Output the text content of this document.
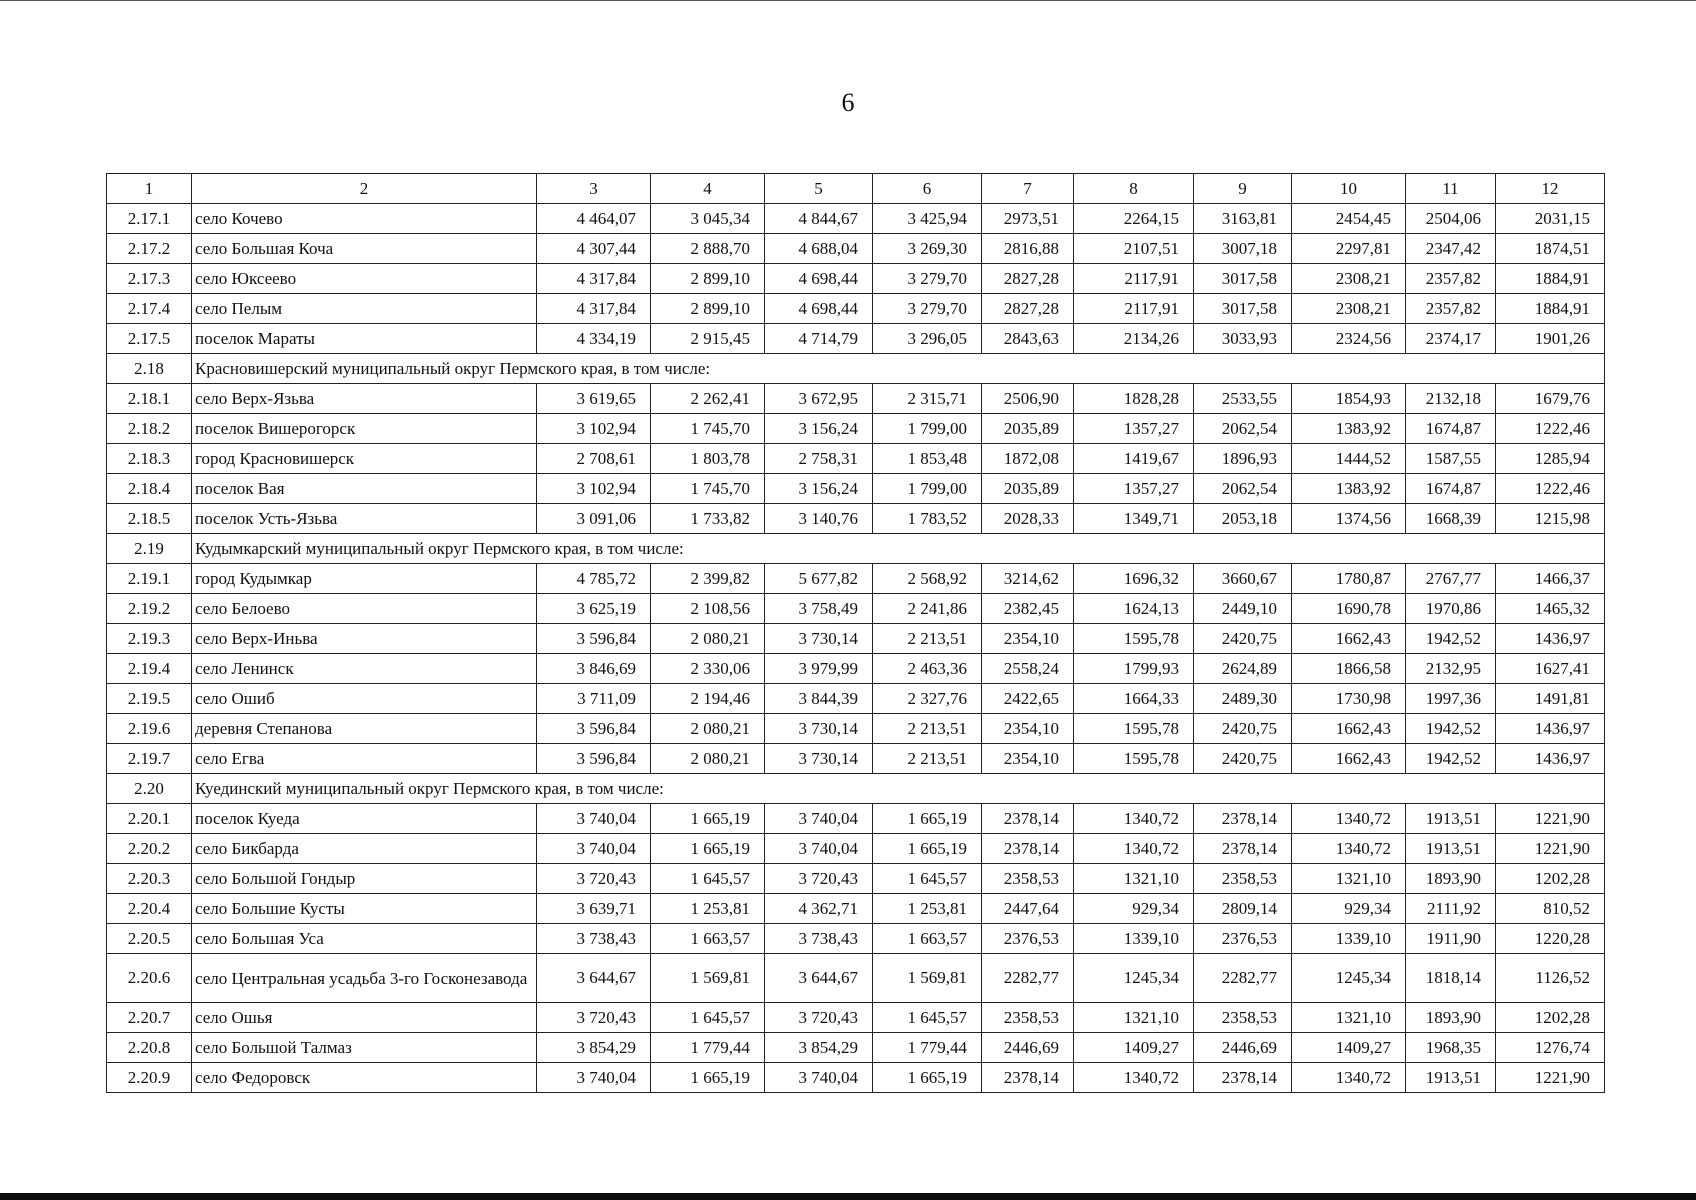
6
1	2	3	4	5	6	7	8	9	10	11	12
2.17.1	село Кочево	4 464,07	3 045,34	4 844,67	3 425,94	2973,51	2264,15	3163,81	2454,45	2504,06	2031,15
2.17.2	село Большая Коча	4 307,44	2 888,70	4 688,04	3 269,30	2816,88	2107,51	3007,18	2297,81	2347,42	1874,51
2.17.3	село Юксеево	4 317,84	2 899,10	4 698,44	3 279,70	2827,28	2117,91	3017,58	2308,21	2357,82	1884,91
2.17.4	село Пелым	4 317,84	2 899,10	4 698,44	3 279,70	2827,28	2117,91	3017,58	2308,21	2357,82	1884,91
2.17.5	поселок Мараты	4 334,19	2 915,45	4 714,79	3 296,05	2843,63	2134,26	3033,93	2324,56	2374,17	1901,26
2.18	Красновишерский муниципальный округ Пермского края, в том числе:										
2.18.1	село Верх-Язьва	3 619,65	2 262,41	3 672,95	2 315,71	2506,90	1828,28	2533,55	1854,93	2132,18	1679,76
2.18.2	поселок Вишерогорск	3 102,94	1 745,70	3 156,24	1 799,00	2035,89	1357,27	2062,54	1383,92	1674,87	1222,46
2.18.3	город Красновишерск	2 708,61	1 803,78	2 758,31	1 853,48	1872,08	1419,67	1896,93	1444,52	1587,55	1285,94
2.18.4	поселок Вая	3 102,94	1 745,70	3 156,24	1 799,00	2035,89	1357,27	2062,54	1383,92	1674,87	1222,46
2.18.5	поселок Усть-Язьва	3 091,06	1 733,82	3 140,76	1 783,52	2028,33	1349,71	2053,18	1374,56	1668,39	1215,98
2.19	Кудымкарский муниципальный округ Пермского края, в том числе:										
2.19.1	город Кудымкар	4 785,72	2 399,82	5 677,82	2 568,92	3214,62	1696,32	3660,67	1780,87	2767,77	1466,37
2.19.2	село Белоево	3 625,19	2 108,56	3 758,49	2 241,86	2382,45	1624,13	2449,10	1690,78	1970,86	1465,32
2.19.3	село Верх-Иньва	3 596,84	2 080,21	3 730,14	2 213,51	2354,10	1595,78	2420,75	1662,43	1942,52	1436,97
2.19.4	село Ленинск	3 846,69	2 330,06	3 979,99	2 463,36	2558,24	1799,93	2624,89	1866,58	2132,95	1627,41
2.19.5	село Ошиб	3 711,09	2 194,46	3 844,39	2 327,76	2422,65	1664,33	2489,30	1730,98	1997,36	1491,81
2.19.6	деревня Степанова	3 596,84	2 080,21	3 730,14	2 213,51	2354,10	1595,78	2420,75	1662,43	1942,52	1436,97
2.19.7	село Егва	3 596,84	2 080,21	3 730,14	2 213,51	2354,10	1595,78	2420,75	1662,43	1942,52	1436,97
2.20	Куединский муниципальный округ Пермского края, в том числе:										
2.20.1	поселок Куеда	3 740,04	1 665,19	3 740,04	1 665,19	2378,14	1340,72	2378,14	1340,72	1913,51	1221,90
2.20.2	село Бикбарда	3 740,04	1 665,19	3 740,04	1 665,19	2378,14	1340,72	2378,14	1340,72	1913,51	1221,90
2.20.3	село Большой Гондыр	3 720,43	1 645,57	3 720,43	1 645,57	2358,53	1321,10	2358,53	1321,10	1893,90	1202,28
2.20.4	село Большие Кусты	3 639,71	1 253,81	4 362,71	1 253,81	2447,64	929,34	2809,14	929,34	2111,92	810,52
2.20.5	село Большая Уса	3 738,43	1 663,57	3 738,43	1 663,57	2376,53	1339,10	2376,53	1339,10	1911,90	1220,28
2.20.6	село Центральная усадьба 3-го Госконезавода	3 644,67	1 569,81	3 644,67	1 569,81	2282,77	1245,34	2282,77	1245,34	1818,14	1126,52
2.20.7	село Ошья	3 720,43	1 645,57	3 720,43	1 645,57	2358,53	1321,10	2358,53	1321,10	1893,90	1202,28
2.20.8	село Большой Талмаз	3 854,29	1 779,44	3 854,29	1 779,44	2446,69	1409,27	2446,69	1409,27	1968,35	1276,74
2.20.9	село Федоровск	3 740,04	1 665,19	3 740,04	1 665,19	2378,14	1340,72	2378,14	1340,72	1913,51	1221,90
